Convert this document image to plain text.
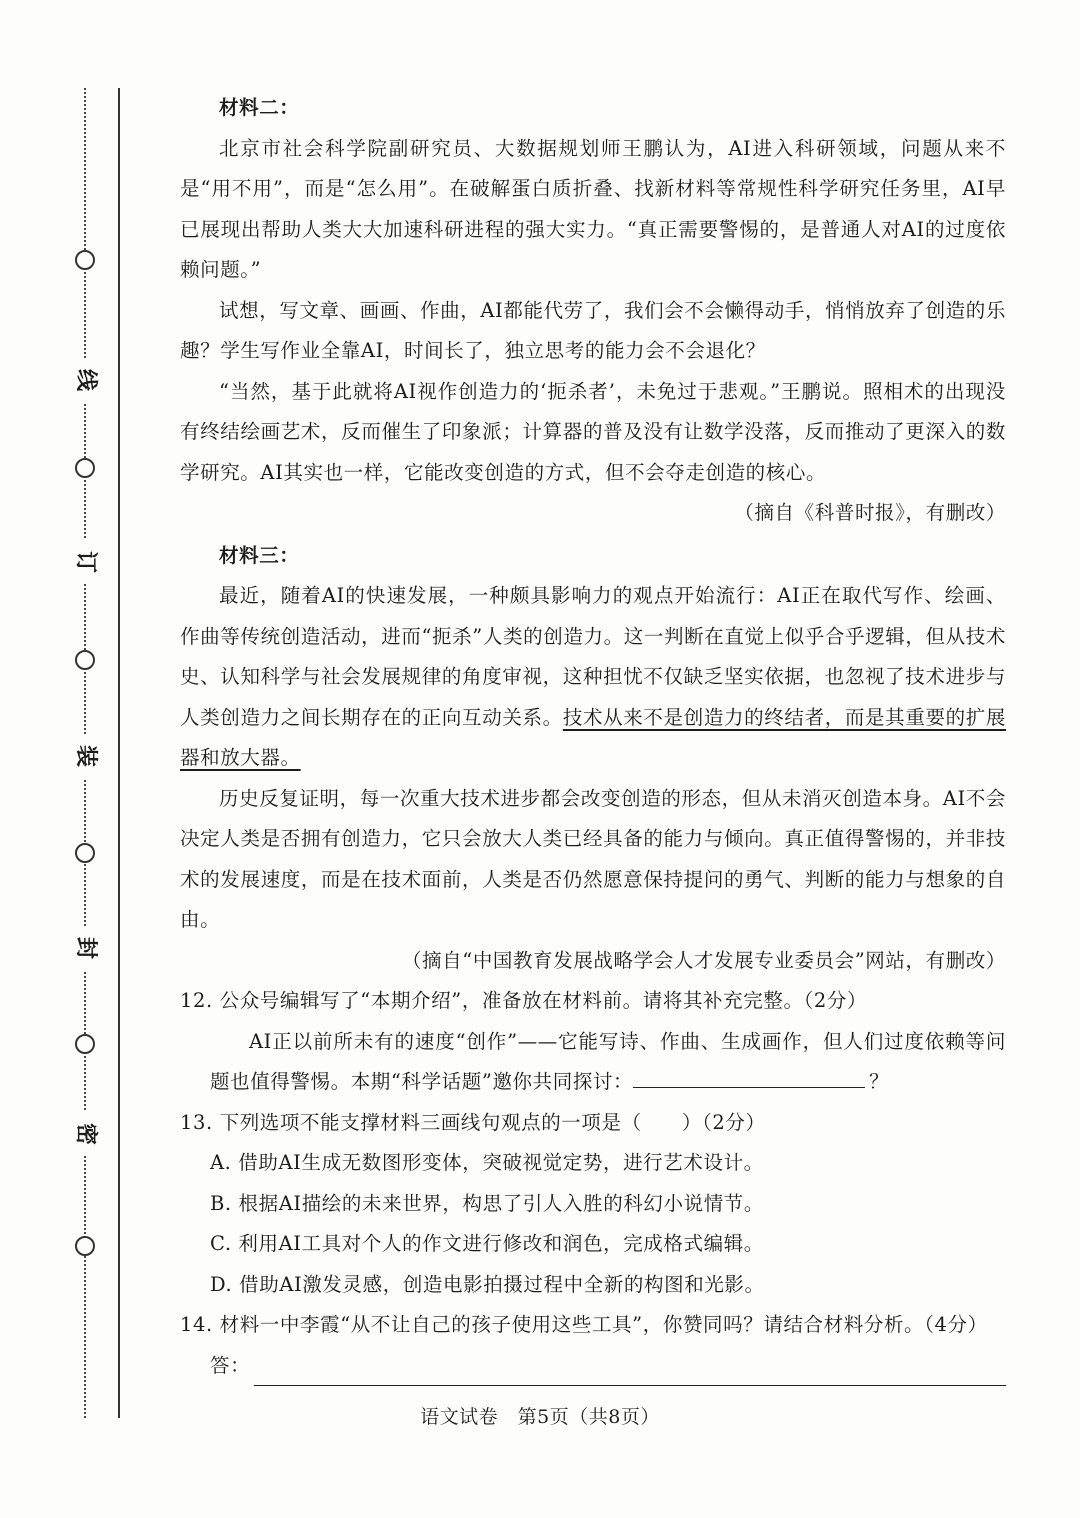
线
订
装
封
密

材料二：

北京市社会科学院副研究员、大数据规划师王鹏认为，AI进入科研领域，问题从来不是“用不用”，而是“怎么用”。在破解蛋白质折叠、找新材料等常规性科学研究任务里，AI早已展现出帮助人类大大加速科研进程的强大实力。“真正需要警惕的，是普通人对AI的过度依赖问题。”

试想，写文章、画画、作曲，AI都能代劳了，我们会不会懒得动手，悄悄放弃了创造的乐趣？学生写作业全靠AI，时间长了，独立思考的能力会不会退化？

“当然，基于此就将AI视作创造力的‘扼杀者’，未免过于悲观。”王鹏说。照相术的出现没有终结绘画艺术，反而催生了印象派；计算器的普及没有让数学没落，反而推动了更深入的数学研究。AI其实也一样，它能改变创造的方式，但不会夺走创造的核心。

（摘自《科普时报》，有删改）

材料三：

最近，随着AI的快速发展，一种颇具影响力的观点开始流行：AI正在取代写作、绘画、作曲等传统创造活动，进而“扼杀”人类的创造力。这一判断在直觉上似乎合乎逻辑，但从技术史、认知科学与社会发展规律的角度审视，这种担忧不仅缺乏坚实依据，也忽视了技术进步与人类创造力之间长期存在的正向互动关系。技术从来不是创造力的终结者，而是其重要的扩展器和放大器。

历史反复证明，每一次重大技术进步都会改变创造的形态，但从未消灭创造本身。AI不会决定人类是否拥有创造力，它只会放大人类已经具备的能力与倾向。真正值得警惕的，并非技术的发展速度，而是在技术面前，人类是否仍然愿意保持提问的勇气、判断的能力与想象的自由。

（摘自“中国教育发展战略学会人才发展专业委员会”网站，有删改）

12. 公众号编辑写了“本期介绍”，准备放在材料前。请将其补充完整。（2分）

AI正以前所未有的速度“创作”——它能写诗、作曲、生成画作，但人们过度依赖等问题也值得警惕。本期“科学话题”邀你共同探讨：	？

13. 下列选项不能支撑材料三画线句观点的一项是（　　）（2分）

A. 借助AI生成无数图形变体，突破视觉定势，进行艺术设计。

B. 根据AI描绘的未来世界，构思了引人入胜的科幻小说情节。

C. 利用AI工具对个人的作文进行修改和润色，完成格式编辑。

D. 借助AI激发灵感，创造电影拍摄过程中全新的构图和光影。

14. 材料一中李霞“从不让自己的孩子使用这些工具”，你赞同吗？请结合材料分析。（4分）

答：
语文试卷　第5页（共8页）
